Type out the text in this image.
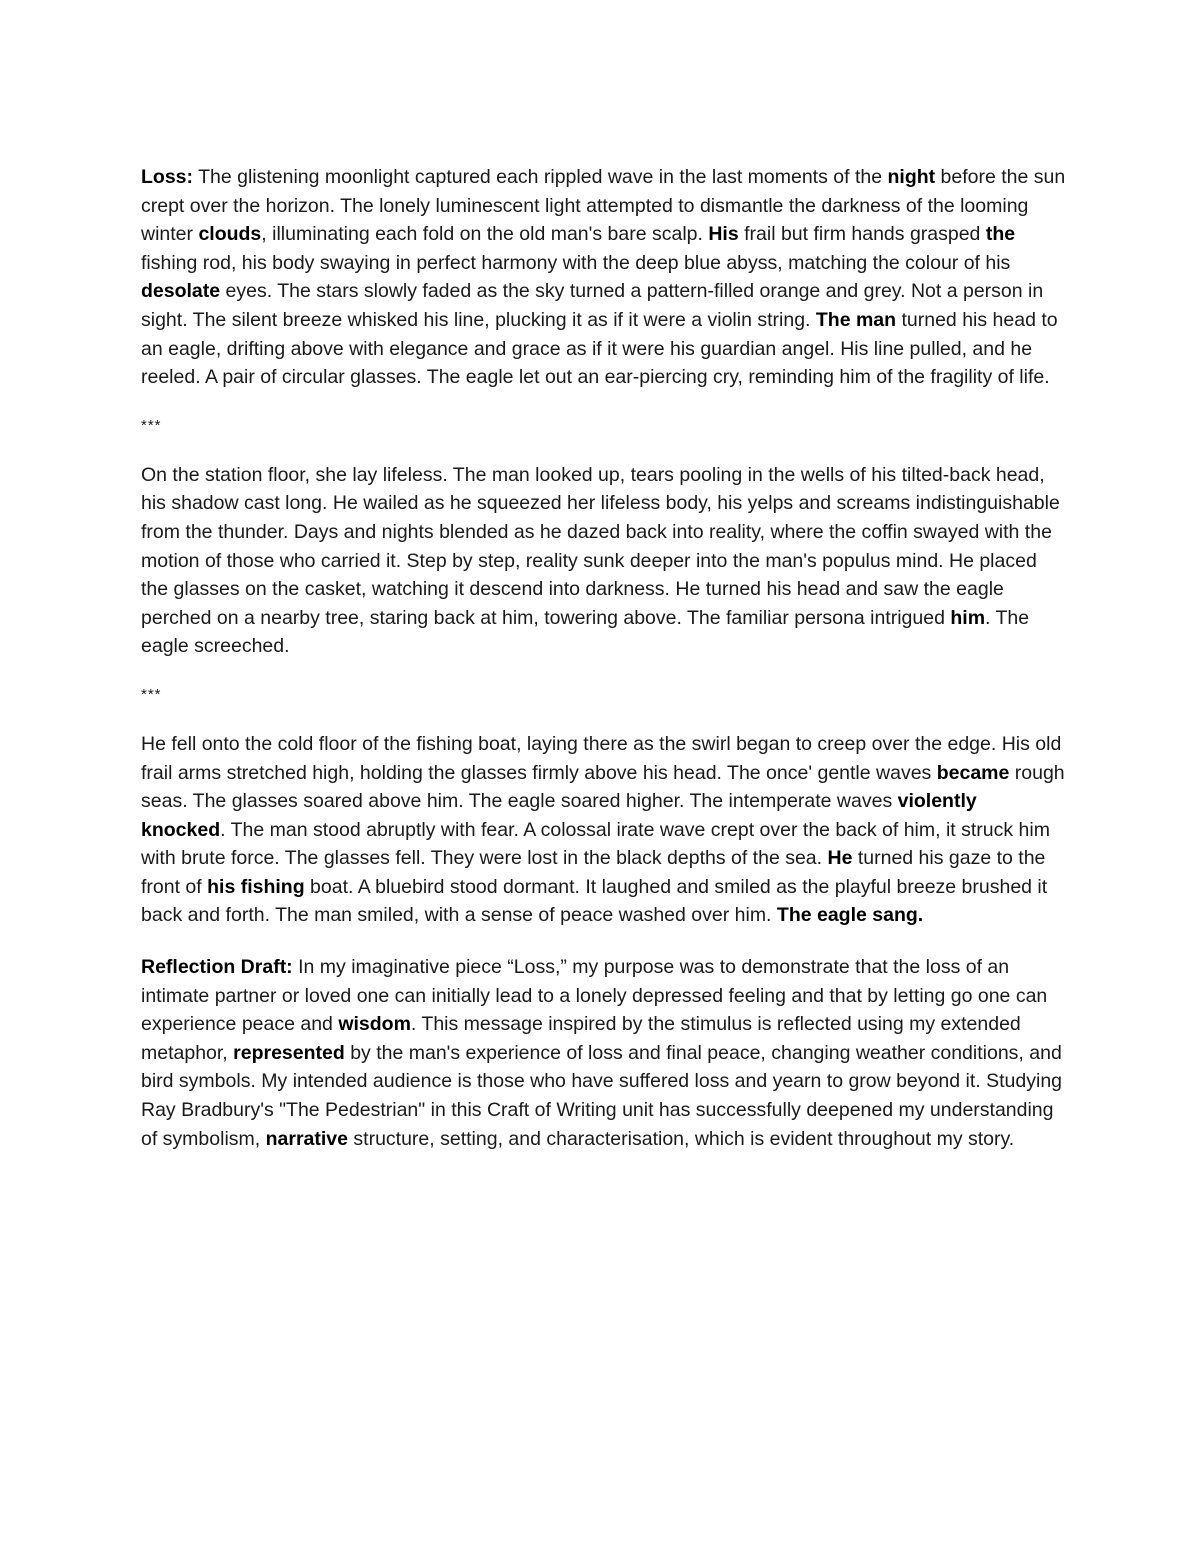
Loss: The glistening moonlight captured each rippled wave in the last moments of the night before the sun crept over the horizon. The lonely luminescent light attempted to dismantle the darkness of the looming winter clouds, illuminating each fold on the old man's bare scalp. His frail but firm hands grasped the fishing rod, his body swaying in perfect harmony with the deep blue abyss, matching the colour of his desolate eyes. The stars slowly faded as the sky turned a pattern-filled orange and grey. Not a person in sight. The silent breeze whisked his line, plucking it as if it were a violin string. The man turned his head to an eagle, drifting above with elegance and grace as if it were his guardian angel. His line pulled, and he reeled. A pair of circular glasses. The eagle let out an ear-piercing cry, reminding him of the fragility of life.

***

On the station floor, she lay lifeless. The man looked up, tears pooling in the wells of his tilted-back head, his shadow cast long. He wailed as he squeezed her lifeless body, his yelps and screams indistinguishable from the thunder. Days and nights blended as he dazed back into reality, where the coffin swayed with the motion of those who carried it. Step by step, reality sunk deeper into the man's populus mind. He placed the glasses on the casket, watching it descend into darkness. He turned his head and saw the eagle perched on a nearby tree, staring back at him, towering above. The familiar persona intrigued him. The eagle screeched.

***

He fell onto the cold floor of the fishing boat, laying there as the swirl began to creep over the edge. His old frail arms stretched high, holding the glasses firmly above his head. The once' gentle waves became rough seas. The glasses soared above him. The eagle soared higher. The intemperate waves violently knocked. The man stood abruptly with fear. A colossal irate wave crept over the back of him, it struck him with brute force. The glasses fell. They were lost in the black depths of the sea. He turned his gaze to the front of his fishing boat. A bluebird stood dormant. It laughed and smiled as the playful breeze brushed it back and forth. The man smiled, with a sense of peace washed over him. The eagle sang.

Reflection Draft: In my imaginative piece “Loss,” my purpose was to demonstrate that the loss of an intimate partner or loved one can initially lead to a lonely depressed feeling and that by letting go one can experience peace and wisdom. This message inspired by the stimulus is reflected using my extended metaphor, represented by the man's experience of loss and final peace, changing weather conditions, and bird symbols. My intended audience is those who have suffered loss and yearn to grow beyond it. Studying Ray Bradbury's "The Pedestrian" in this Craft of Writing unit has successfully deepened my understanding of symbolism, narrative structure, setting, and characterisation, which is evident throughout my story.
